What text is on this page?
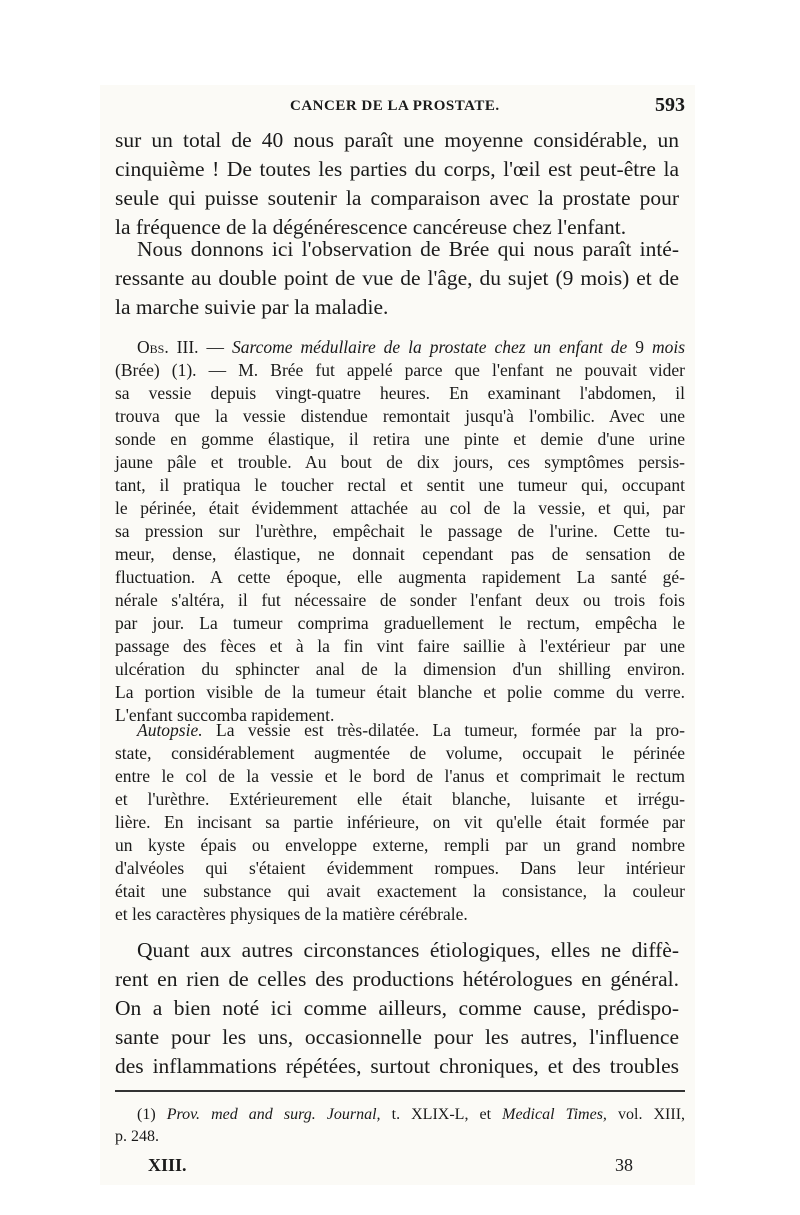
CANCER DE LA PROSTATE.	593
sur un total de 40 nous paraît une moyenne considérable, un
cinquième ! De toutes les parties du corps, l'œil est peut-être la
seule qui puisse soutenir la comparaison avec la prostate pour
la fréquence de la dégénérescence cancéreuse chez l'enfant.
Nous donnons ici l'observation de Brée qui nous paraît inté-
ressante au double point de vue de l'âge, du sujet (9 mois) et de
la marche suivie par la maladie.
Obs. III. — Sarcome médullaire de la prostate chez un enfant de 9 mois
(Brée) (1). — M. Brée fut appelé parce que l'enfant ne pouvait vider
sa vessie depuis vingt-quatre heures. En examinant l'abdomen, il
trouva que la vessie distendue remontait jusqu'à l'ombilic. Avec une
sonde en gomme élastique, il retira une pinte et demie d'une urine
jaune pâle et trouble. Au bout de dix jours, ces symptômes persis-
tant, il pratiqua le toucher rectal et sentit une tumeur qui, occupant
le périnée, était évidemment attachée au col de la vessie, et qui, par
sa pression sur l'urèthre, empêchait le passage de l'urine. Cette tu-
meur, dense, élastique, ne donnait cependant pas de sensation de
fluctuation. A cette époque, elle augmenta rapidement La santé gé-
nérale s'altéra, il fut nécessaire de sonder l'enfant deux ou trois fois
par jour. La tumeur comprima graduellement le rectum, empêcha le
passage des fèces et à la fin vint faire saillie à l'extérieur par une
ulcération du sphincter anal de la dimension d'un shilling environ.
La portion visible de la tumeur était blanche et polie comme du verre.
L'enfant succomba rapidement.
Autopsie. La vessie est très-dilatée. La tumeur, formée par la pro-
state, considérablement augmentée de volume, occupait le périnée
entre le col de la vessie et le bord de l'anus et comprimait le rectum
et l'urèthre. Extérieurement elle était blanche, luisante et irrégu-
lière. En incisant sa partie inférieure, on vit qu'elle était formée par
un kyste épais ou enveloppe externe, rempli par un grand nombre
d'alvéoles qui s'étaient évidemment rompues. Dans leur intérieur
était une substance qui avait exactement la consistance, la couleur
et les caractères physiques de la matière cérébrale.
Quant aux autres circonstances étiologiques, elles ne diffè-
rent en rien de celles des productions hétérologues en général.
On a bien noté ici comme ailleurs, comme cause, prédispo-
sante pour les uns, occasionnelle pour les autres, l'influence
des inflammations répétées, surtout chroniques, et des troubles
(1) Prov. med and surg. Journal, t. XLIX-L, et Medical Times, vol. XIII,
p. 248.
XIII.	38
